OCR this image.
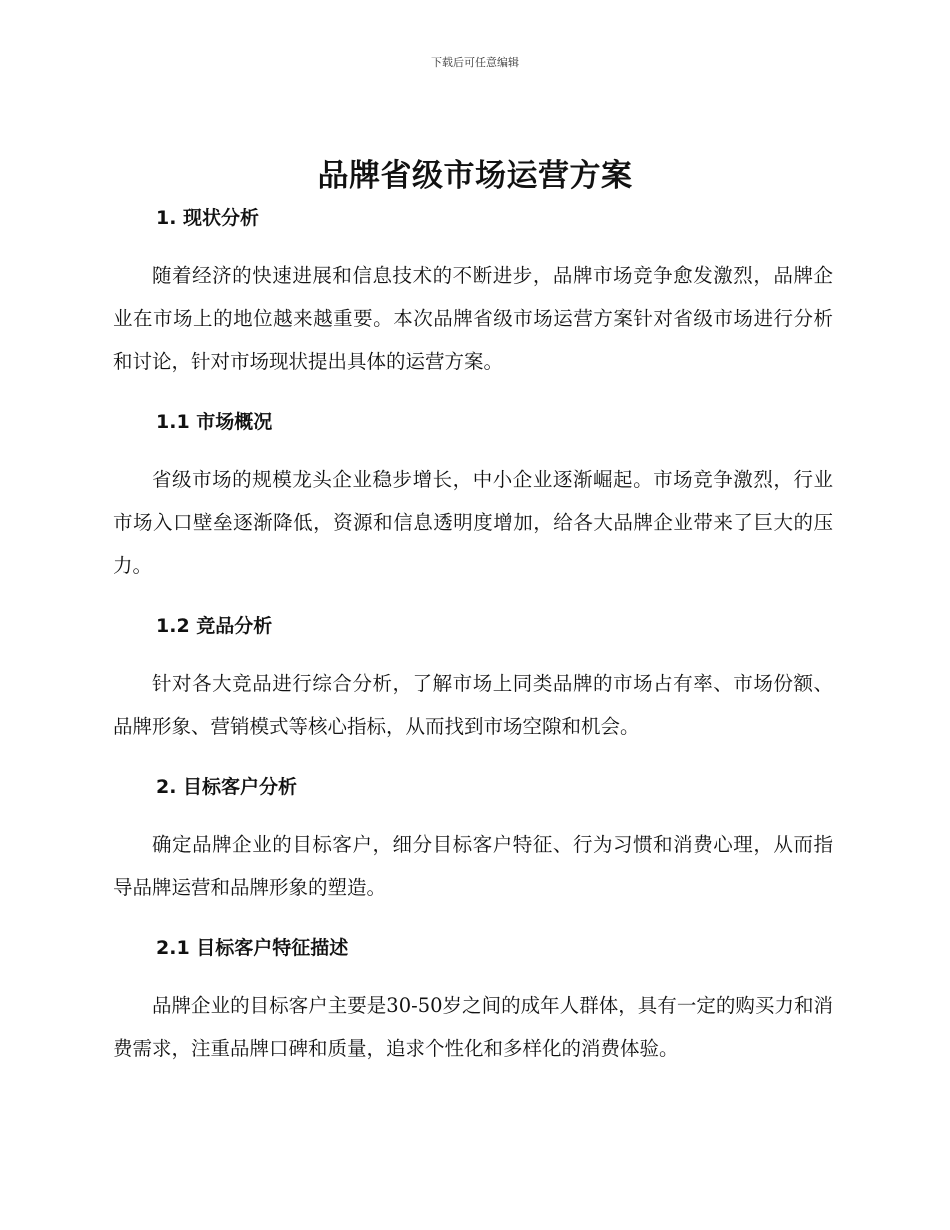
下载后可任意编辑
品牌省级市场运营方案
1. 现状分析

随着经济的快速进展和信息技术的不断进步，品牌市场竞争愈发激烈，品牌企业在市场上的地位越来越重要。本次品牌省级市场运营方案针对省级市场进行分析和讨论，针对市场现状提出具体的运营方案。

1.1 市场概况

省级市场的规模龙头企业稳步增长，中小企业逐渐崛起。市场竞争激烈，行业市场入口壁垒逐渐降低，资源和信息透明度增加，给各大品牌企业带来了巨大的压力。

1.2 竞品分析

针对各大竞品进行综合分析，了解市场上同类品牌的市场占有率、市场份额、品牌形象、营销模式等核心指标，从而找到市场空隙和机会。

2. 目标客户分析

确定品牌企业的目标客户，细分目标客户特征、行为习惯和消费心理，从而指导品牌运营和品牌形象的塑造。

2.1 目标客户特征描述

品牌企业的目标客户主要是30-50岁之间的成年人群体，具有一定的购买力和消费需求，注重品牌口碑和质量，追求个性化和多样化的消费体验。
